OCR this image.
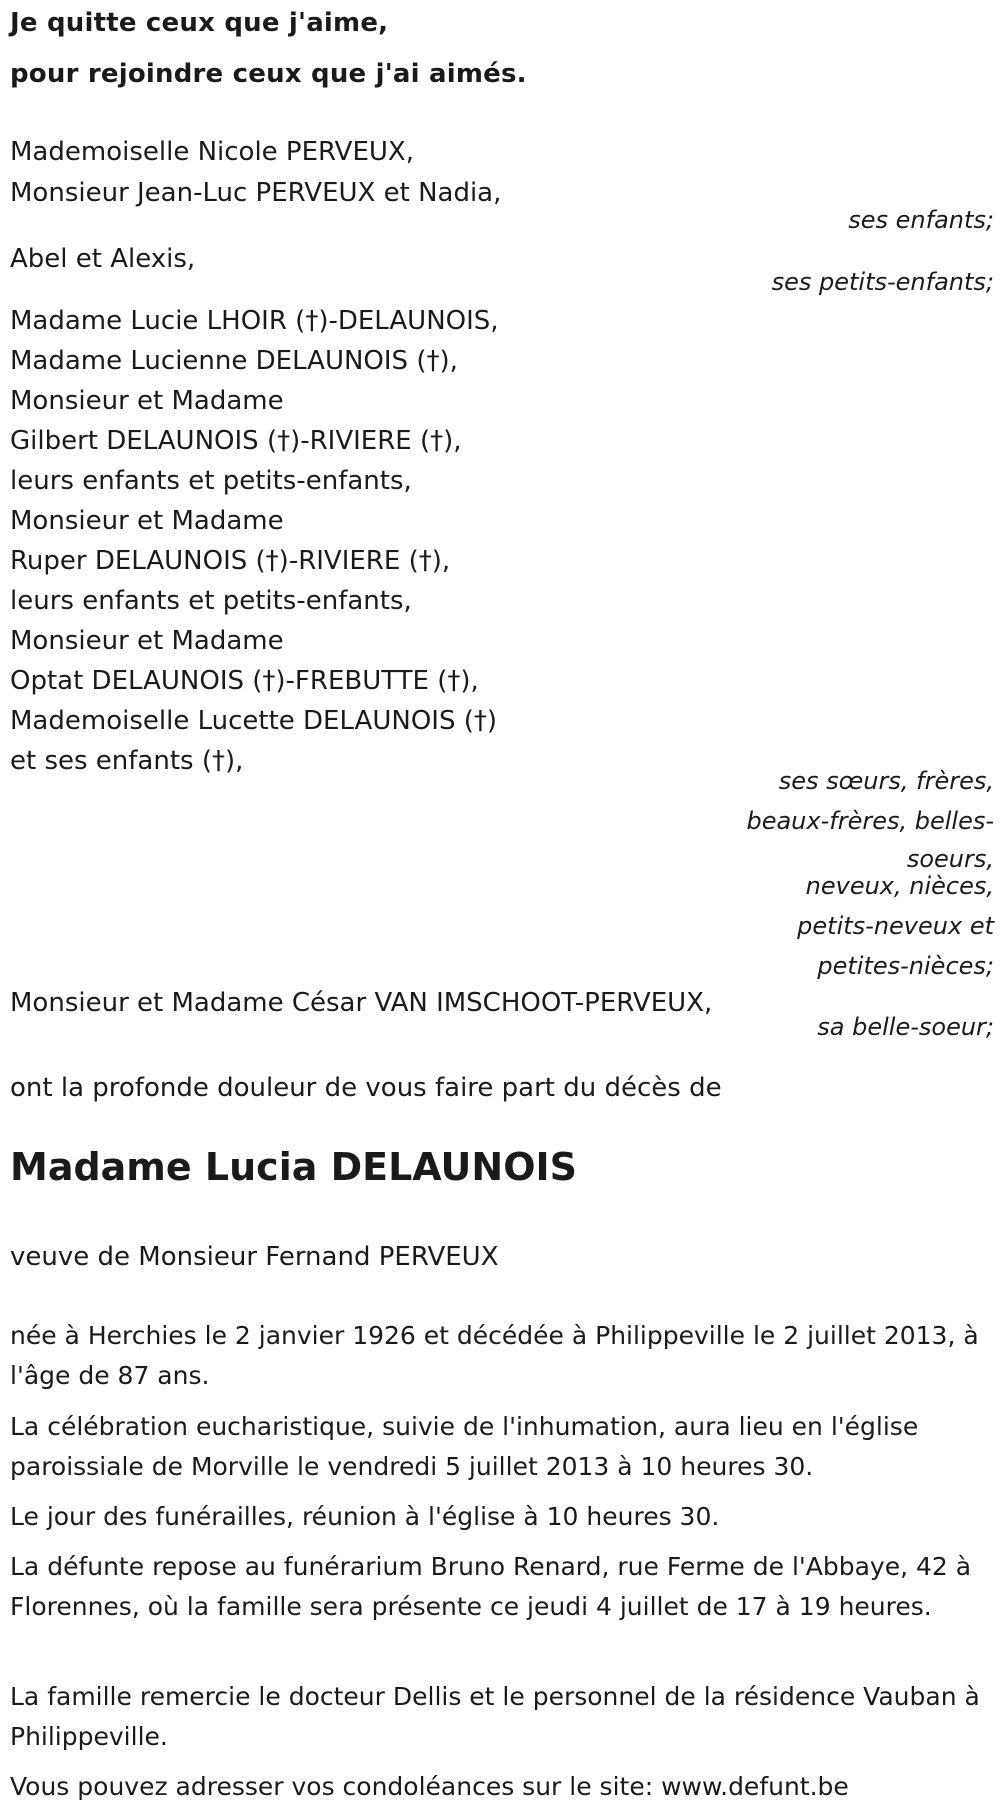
Je quitte ceux que j'aime,

pour rejoindre ceux que j'ai aimés.

Mademoiselle Nicole PERVEUX,
Monsieur Jean-Luc PERVEUX et Nadia,
ses enfants;
Abel et Alexis,
ses petits-enfants;
Madame Lucie LHOIR (†)-DELAUNOIS,
Madame Lucienne DELAUNOIS (†),
Monsieur et Madame
Gilbert DELAUNOIS (†)-RIVIERE (†),
leurs enfants et petits-enfants,
Monsieur et Madame
Ruper DELAUNOIS (†)-RIVIERE (†),
leurs enfants et petits-enfants,
Monsieur et Madame
Optat DELAUNOIS (†)-FREBUTTE (†),
Mademoiselle Lucette DELAUNOIS (†)
et ses enfants (†),
ses sœurs, frères,
beaux-frères, belles-
soeurs,
neveux, nièces,
petits-neveux et
petites-nièces;
Monsieur et Madame César VAN IMSCHOOT-PERVEUX,
sa belle-soeur;
ont la profonde douleur de vous faire part du décès de
Madame Lucia DELAUNOIS
veuve de Monsieur Fernand PERVEUX

née à Herchies le 2 janvier 1926 et décédée à Philippeville le 2 juillet 2013, à l'âge de 87 ans.

La célébration eucharistique, suivie de l'inhumation, aura lieu en l'église paroissiale de Morville le vendredi 5 juillet 2013 à 10 heures 30.

Le jour des funérailles, réunion à l'église à 10 heures 30.

La défunte repose au funérarium Bruno Renard, rue Ferme de l'Abbaye, 42 à Florennes, où la famille sera présente ce jeudi 4 juillet de 17 à 19 heures.

La famille remercie le docteur Dellis et le personnel de la résidence Vauban à Philippeville.

Vous pouvez adresser vos condoléances sur le site: www.defunt.be
